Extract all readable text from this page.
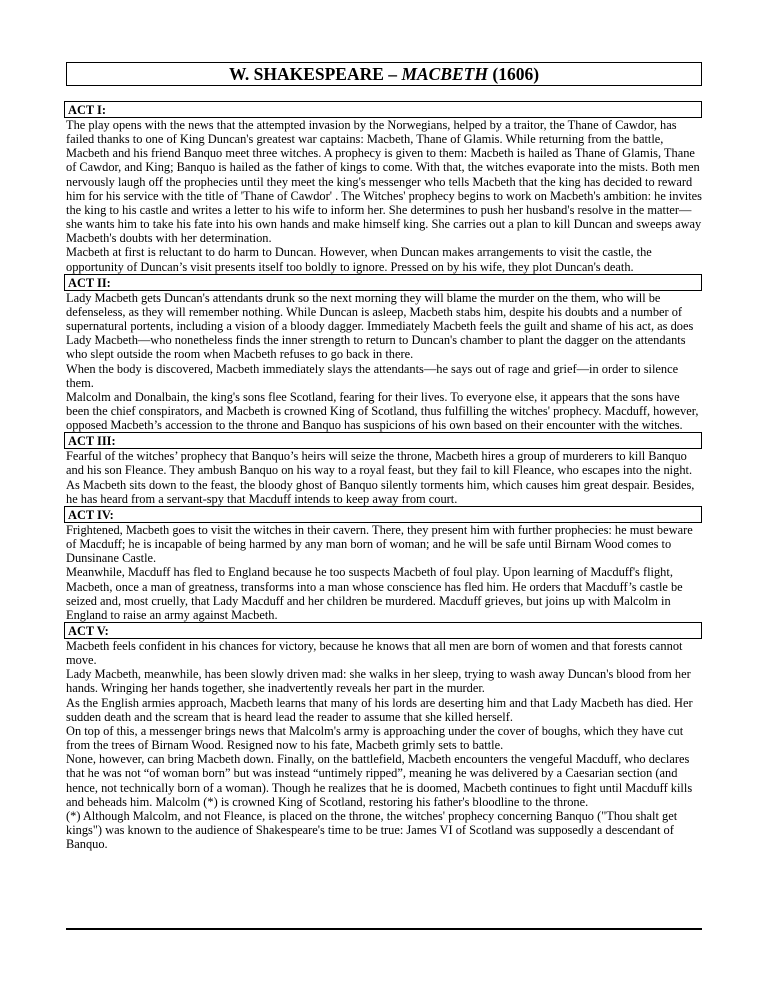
W. SHAKESPEARE – MACBETH (1606)
ACT I:

The play opens with the news that the attempted invasion by the Norwegians, helped by a traitor, the Thane of Cawdor, has failed thanks to one of King Duncan's greatest war captains: Macbeth, Thane of Glamis. While returning from the battle, Macbeth and his friend Banquo meet three witches. A prophecy is given to them: Macbeth is hailed as Thane of Glamis, Thane of Cawdor, and King; Banquo is hailed as the father of kings to come. With that, the witches evaporate into the mists. Both men nervously laugh off the prophecies until they meet the king's messenger who tells Macbeth that the king has decided to reward him for his service with the title of 'Thane of Cawdor' . The Witches' prophecy begins to work on Macbeth's ambition: he invites the king to his castle and writes a letter to his wife to inform her. She determines to push her husband's resolve in the matter—she wants him to take his fate into his own hands and make himself king. She carries out a plan to kill Duncan and sweeps away Macbeth's doubts with her determination.

Macbeth at first is reluctant to do harm to Duncan. However, when Duncan makes arrangements to visit the castle, the opportunity of Duncan’s visit presents itself too boldly to ignore. Pressed on by his wife, they plot Duncan's death.

ACT II:

Lady Macbeth gets Duncan's attendants drunk so the next morning they will blame the murder on the them, who will be defenseless, as they will remember nothing. While Duncan is asleep, Macbeth stabs him, despite his doubts and a number of supernatural portents, including a vision of a bloody dagger. Immediately Macbeth feels the guilt and shame of his act, as does Lady Macbeth—who nonetheless finds the inner strength to return to Duncan's chamber to plant the dagger on the attendants who slept outside the room when Macbeth refuses to go back in there.

When the body is discovered, Macbeth immediately slays the attendants—he says out of rage and grief—in order to silence them.

Malcolm and Donalbain, the king's sons flee Scotland, fearing for their lives. To everyone else, it appears that the sons have been the chief conspirators, and Macbeth is crowned King of Scotland, thus fulfilling the witches' prophecy. Macduff, however, opposed Macbeth’s accession to the throne and Banquo has suspicions of his own based on their encounter with the witches.

ACT III:

Fearful of the witches’ prophecy that Banquo’s heirs will seize the throne, Macbeth hires a group of murderers to kill Banquo and his son Fleance. They ambush Banquo on his way to a royal feast, but they fail to kill Fleance, who escapes into the night.

As Macbeth sits down to the feast, the bloody ghost of Banquo silently torments him, which causes him great despair. Besides, he has heard from a servant-spy that Macduff intends to keep away from court.

ACT IV:

Frightened, Macbeth goes to visit the witches in their cavern. There, they present him with further prophecies: he must beware of Macduff; he is incapable of being harmed by any man born of woman; and he will be safe until Birnam Wood comes to Dunsinane Castle.

Meanwhile, Macduff has fled to England because he too suspects Macbeth of foul play. Upon learning of Macduff's flight, Macbeth, once a man of greatness, transforms into a man whose conscience has fled him. He orders that Macduff’s castle be seized and, most cruelly, that Lady Macduff and her children be murdered. Macduff grieves, but joins up with Malcolm in England to raise an army against Macbeth.

ACT V:

Macbeth feels confident in his chances for victory, because he knows that all men are born of women and that forests cannot move.

Lady Macbeth, meanwhile, has been slowly driven mad: she walks in her sleep, trying to wash away Duncan's blood from her hands. Wringing her hands together, she inadvertently reveals her part in the murder.

As the English armies approach, Macbeth learns that many of his lords are deserting him and that Lady Macbeth has died. Her sudden death and the scream that is heard lead the reader to assume that she killed herself.

On top of this, a messenger brings news that Malcolm's army is approaching under the cover of boughs, which they have cut from the trees of Birnam Wood. Resigned now to his fate, Macbeth grimly sets to battle.

None, however, can bring Macbeth down. Finally, on the battlefield, Macbeth encounters the vengeful Macduff, who declares that he was not “of woman born” but was instead “untimely ripped”, meaning he was delivered by a Caesarian section (and hence, not technically born of a woman). Though he realizes that he is doomed, Macbeth continues to fight until Macduff kills and beheads him. Malcolm (*) is crowned King of Scotland, restoring his father's bloodline to the throne.

(*) Although Malcolm, and not Fleance, is placed on the throne, the witches' prophecy concerning Banquo ("Thou shalt get kings") was known to the audience of Shakespeare's time to be true: James VI of Scotland was supposedly a descendant of Banquo.
